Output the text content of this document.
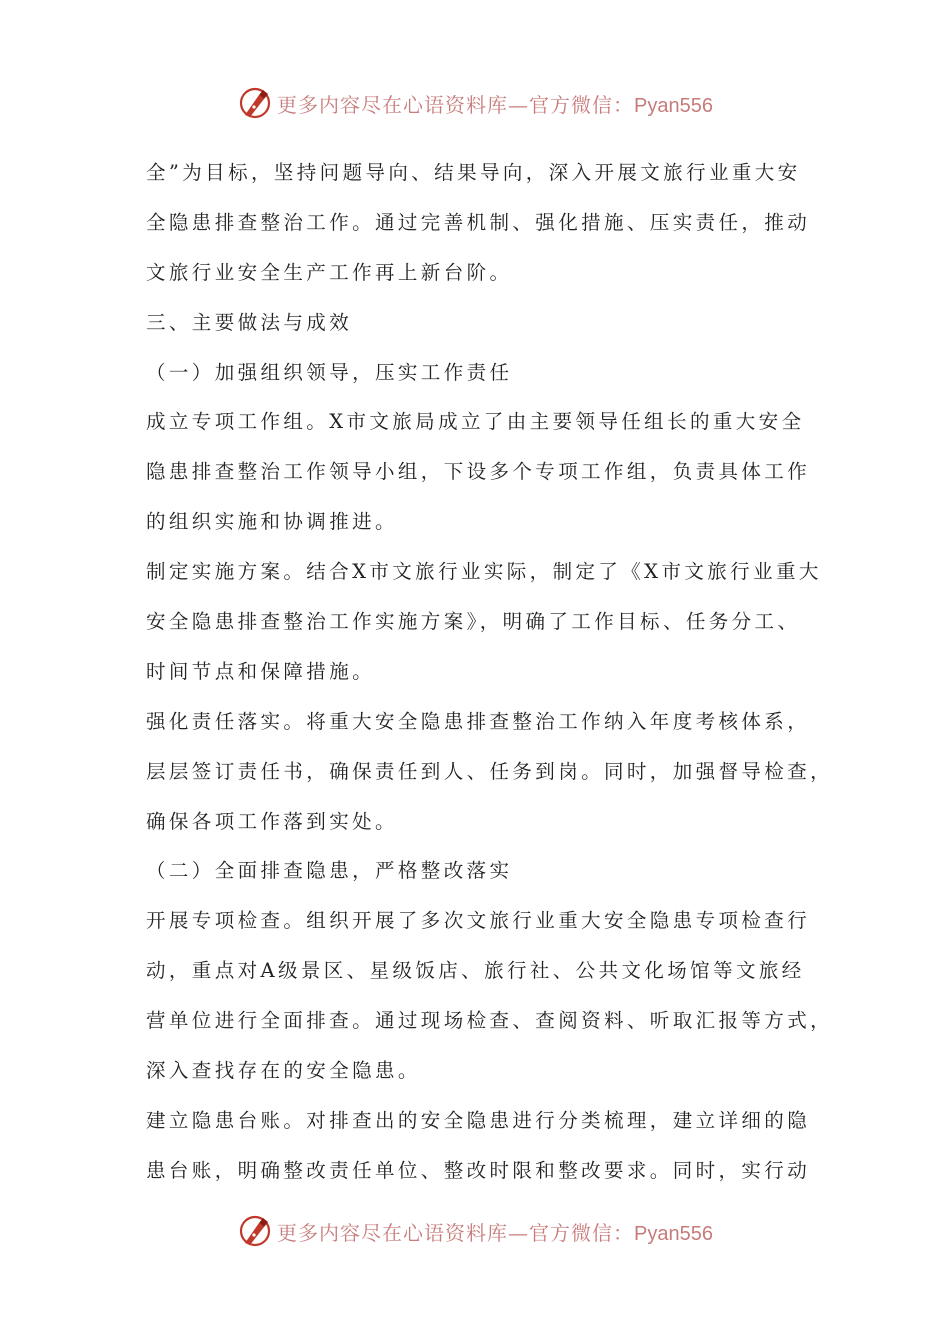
更多内容尽在心语资料库—官方微信：Pyan556
全”为目标，坚持问题导向、结果导向，深入开展文旅行业重大安
全隐患排查整治工作。通过完善机制、强化措施、压实责任，推动
文旅行业安全生产工作再上新台阶。
三、主要做法与成效
（一）加强组织领导，压实工作责任
成立专项工作组。X市文旅局成立了由主要领导任组长的重大安全
隐患排查整治工作领导小组，下设多个专项工作组，负责具体工作
的组织实施和协调推进。
制定实施方案。结合X市文旅行业实际，制定了《X市文旅行业重大
安全隐患排查整治工作实施方案》，明确了工作目标、任务分工、
时间节点和保障措施。
强化责任落实。将重大安全隐患排查整治工作纳入年度考核体系，
层层签订责任书，确保责任到人、任务到岗。同时，加强督导检查，
确保各项工作落到实处。
（二）全面排查隐患，严格整改落实
开展专项检查。组织开展了多次文旅行业重大安全隐患专项检查行
动，重点对A级景区、星级饭店、旅行社、公共文化场馆等文旅经
营单位进行全面排查。通过现场检查、查阅资料、听取汇报等方式，
深入查找存在的安全隐患。
建立隐患台账。对排查出的安全隐患进行分类梳理，建立详细的隐
患台账，明确整改责任单位、整改时限和整改要求。同时，实行动
更多内容尽在心语资料库—官方微信：Pyan556
